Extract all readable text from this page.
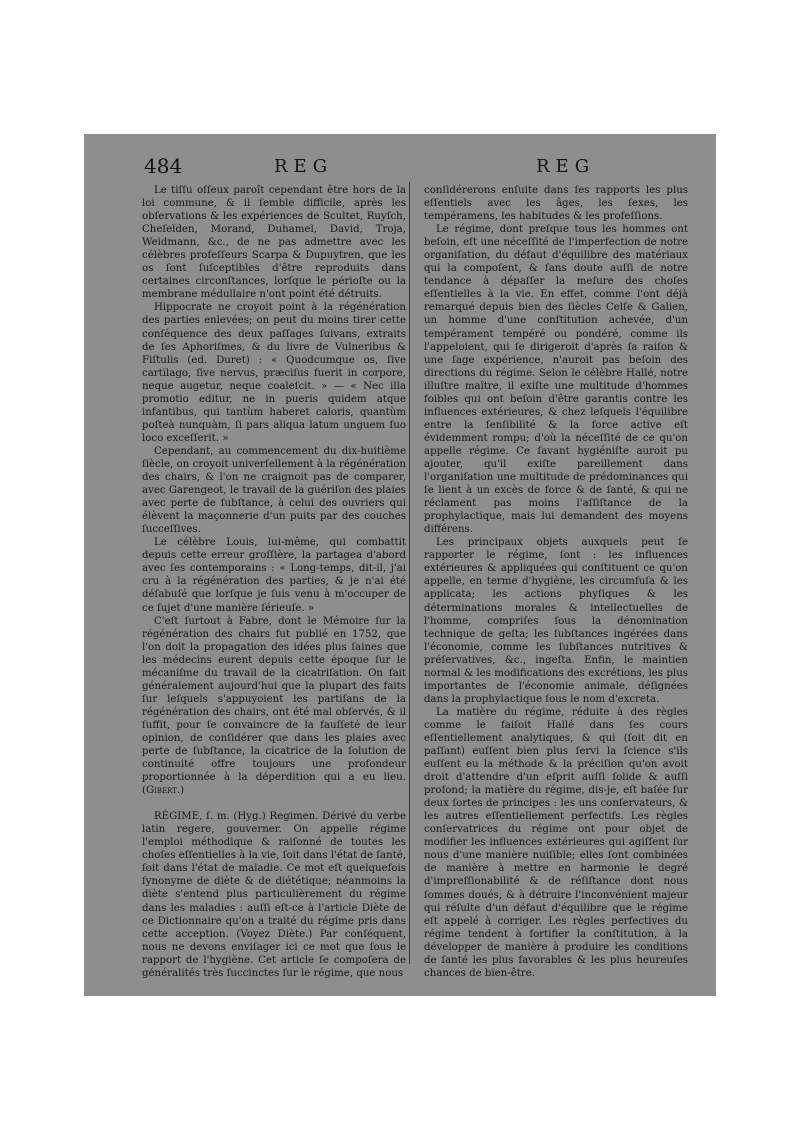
484	REG	REG

Le tiſſu oſſeux paroît cependant être hors de la loi commune, & il ſemble difficile, après les obſervations & les expériences de Scultet, Ruyſch, Cheſelden, Morand, Duhamel, David, Troja, Weidmann, &c., de ne pas admettre avec les célèbres profeſſeurs Scarpa & Dupuytren, que les os ſont ſuſceptibles d'être reproduits dans certaines circonſtances, lorſque le périoſte ou la membrane médullaire n'ont point été détruits.

Hippocrate ne croyoit point à la régénération des parties enlevées; on peut du moins tirer cette conſéquence des deux paſſages ſuivans, extraits de ſes Aphoriſmes, & du livre de Vulneribus & Fiſtulis (ed. Duret) : « Quodcumque os, ſive cartilago, ſive nervus, præciſus fuerit in corpore, neque augetur, neque coaleſcit. » — « Nec illa promotio editur, ne in pueris quidem atque infantibus, qui tantùm haberet caloris, quantùm poſteà nunquàm, ſi pars aliqua latum unguem ſuo loco exceſſerit. »

Cependant, au commencement du dix-huitième ſiècle, on croyoit univerſellement à la régénération des chairs, & l'on ne craignoit pas de comparer, avec Garengeot, le travail de la guériſon des plaies avec perte de ſubſtance, à celui des ouvriers qui élèvent la maçonnerie d'un puits par des couches ſucceſſives.

Le célèbre Louis, lui-même, qui combattit depuis cette erreur groſſière, la partagea d'abord avec ſes contemporains : « Long-temps, dit-il, j'ai cru à la régénération des parties, & je n'ai été déſabuſé que lorſque je ſuis venu à m'occuper de ce ſujet d'une manière ſérieuſe. »

C'eſt ſurtout à Fabre, dont le Mémoire ſur la régénération des chairs fut publié en 1752, que l'on doit la propagation des idées plus ſaines que les médecins eurent depuis cette époque ſur le mécaniſme du travail de la cicatriſation. On fait généralement aujourd'hui que la plupart des faits ſur leſquels s'appuyoient les partiſans de la régénération des chairs, ont été mal obſervés, & il ſuffit, pour ſe convaincre de la fauſſeté de leur opinion, de conſidérer que dans les plaies avec perte de ſubſtance, la cicatrice de la ſolution de continuité offre toujours une profondeur proportionnée à la déperdition qui a eu lieu. (Gibert.)

RÉGIME, ſ. m. (Hyg.) Regimen. Dérivé du verbe latin regere, gouverner. On appelle régime l'emploi méthodique & raiſonné de toutes les choſes eſſentielles à la vie, ſoit dans l'état de ſanté, ſoit dans l'état de maladie. Ce mot eſt quelquefois ſynonyme de diète & de diététique; néanmoins la diète s'entend plus particulièrement du régime dans les maladies : auſſi eſt-ce à l'article Diète de ce Dictionnaire qu'on a traité du régime pris dans cette acception. (Voyez Diète.) Par conſéquent, nous ne devons enviſager ici ce mot que ſous le rapport de l'hygiène. Cet article ſe compoſera de généralités très ſuccinctes ſur le régime, que nous

conſidérerons enſuite dans ſes rapports les plus eſſentiels avec les âges, les ſexes, les tempéramens, les habitudes & les profeſſions.

Le régime, dont preſque tous les hommes ont beſoin, eſt une néceſſité de l'imperfection de notre organiſation, du défaut d'équilibre des matériaux qui la compoſent, & ſans doute auſſi de notre tendance à dépaſſer la meſure des choſes eſſentielles à la vie. En effet, comme l'ont déjà remarqué depuis bien des ſiècles Celſe & Galien, un homme d'une conſtitution achevée, d'un tempérament tempéré ou pondéré, comme ils l'appeloient, qui ſe dirigeroit d'après ſa raiſon & une ſage expérience, n'auroit pas beſoin des directions du régime. Selon le célèbre Hallé, notre illuſtre maître, il exiſte une multitude d'hommes foibles qui ont beſoin d'être garantis contre les influences extérieures, & chez leſquels l'équilibre entre la ſenſibilité & la force active eſt évidemment rompu; d'où la néceſſité de ce qu'on appelle régime. Ce ſavant hygiéniſte auroit pu ajouter, qu'il exiſte pareillement dans l'organiſation une multitude de prédominances qui ſe lient à un excès de force & de ſanté, & qui ne réclament pas moins l'aſſiſtance de la prophylactique, mais lui demandent des moyens différens.

Les principaux objets auxquels peut ſe rapporter le régime, ſont : les influences extérieures & appliquées qui conſtituent ce qu'on appelle, en terme d'hygiène, les circumfuſa & les applicata; les actions phyſiques & les déterminations morales & intellectuelles de l'homme, compriſes ſous la dénomination technique de geſta; les ſubſtances ingérées dans l'économie, comme les ſubſtances nutritives & préſervatives, &c., ingeſta. Enfin, le maintien normal & les modifications des excrétions, les plus importantes de l'économie animale, déſignées dans la prophylactique ſous le nom d'excreta.

La matière du régime, réduite à des règles comme le faiſoit Hallé dans ſes cours eſſentiellement analytiques, & qui (ſoit dit en paſſant) euſſent bien plus ſervi la ſcience s'ils euſſent eu la méthode & la préciſion qu'on avoit droit d'attendre d'un eſprit auſſi ſolide & auſſi profond; la matière du régime, dis-je, eſt baſée ſur deux ſortes de principes : les uns conſervateurs, & les autres eſſentiellement perfectifs. Les règles conſervatrices du régime ont pour objet de modifier les influences extérieures qui agiſſent ſur nous d'une manière nuiſible; elles ſont combinées de manière à mettre en harmonie le degré d'impreſſionabilité & de réſiſtance dont nous ſommes doués, & à détruire l'inconvénient majeur qui réſulte d'un défaut d'équilibre que le régime eſt appelé à corriger. Les règles perfectives du régime tendent à fortifier la conſtitution, à la développer de manière à produire les conditions de ſanté les plus favorables & les plus heureuſes chances de bien-être.
